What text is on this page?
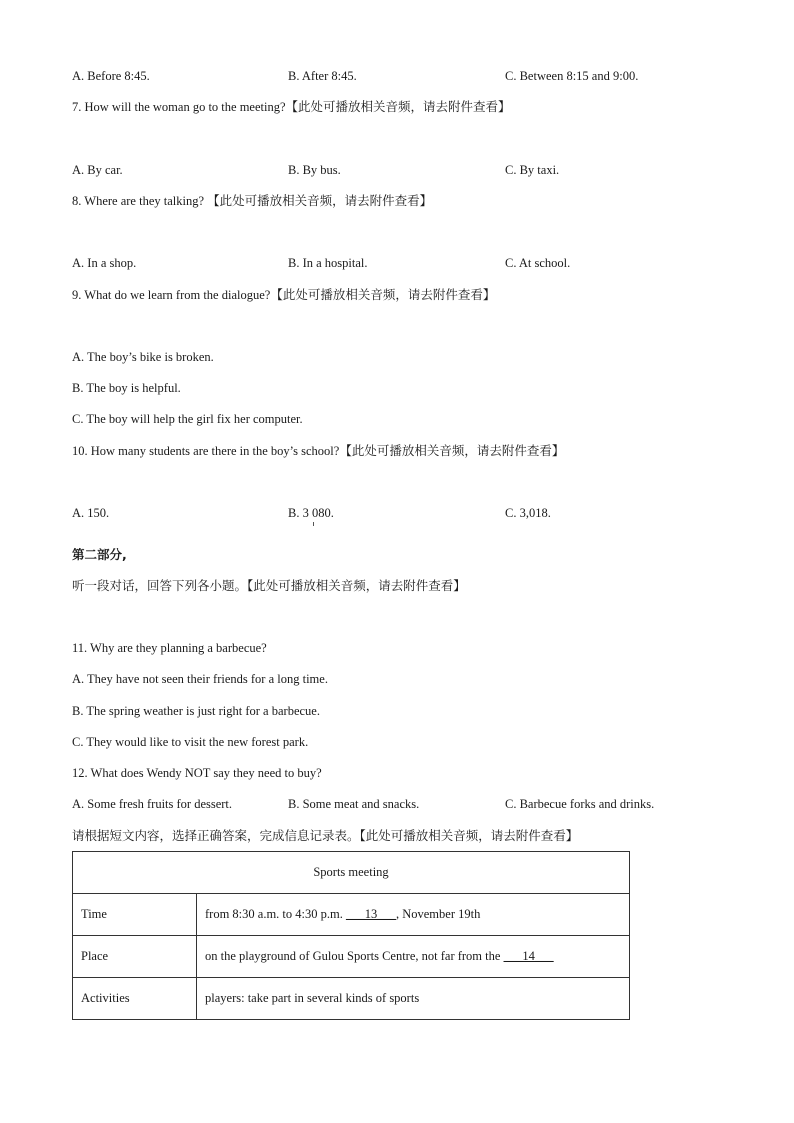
A. Before 8:45.	B. After 8:45.	C. Between 8:15 and 9:00.
7. How will the woman go to the meeting?【此处可播放相关音频，请去附件查看】
A. By car.	B. By bus.	C. By taxi.
8. Where are they talking? 【此处可播放相关音频，请去附件查看】
A. In a shop.	B. In a hospital.	C. At school.
9. What do we learn from the dialogue?【此处可播放相关音频，请去附件查看】
A. The boy’s bike is broken.
B. The boy is helpful.
C. The boy will help the girl fix her computer.
10. How many students are there in the boy’s school?【此处可播放相关音频，请去附件查看】
A. 150.	B. 3 080.	C. 3,018.
第二部分,
听一段对话，回答下列各小题。【此处可播放相关音频，请去附件查看】
11. Why are they planning a barbecue?
A. They have not seen their friends for a long time.
B. The spring weather is just right for a barbecue.
C. They would like to visit the new forest park.
12. What does Wendy NOT say they need to buy?
A. Some fresh fruits for dessert.	B. Some meat and snacks.	C. Barbecue forks and drinks.
请根据短文内容，选择正确答案，完成信息记录表。【此处可播放相关音频，请去附件查看】
Sports meeting	
Time	from 8:30 a.m. to 4:30 p.m. ___13___, November 19th
Place	on the playground of Gulou Sports Centre, not far from the ___14___
Activities	players: take part in several kinds of sports
